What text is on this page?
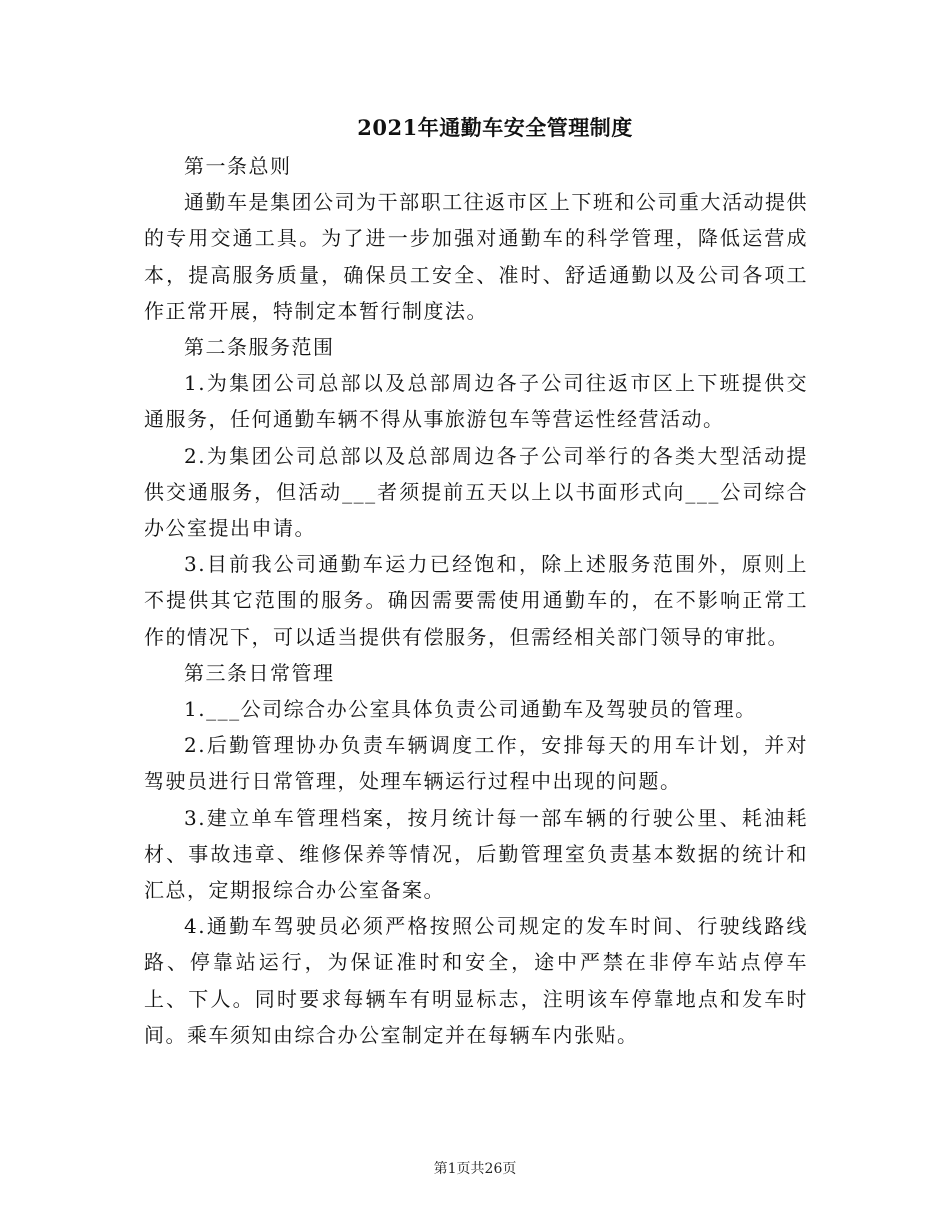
2021年通勤车安全管理制度

第一条总则

通勤车是集团公司为干部职工往返市区上下班和公司重大活动提供的专用交通工具。为了进一步加强对通勤车的科学管理，降低运营成本，提高服务质量，确保员工安全、准时、舒适通勤以及公司各项工作正常开展，特制定本暂行制度法。

第二条服务范围

1.为集团公司总部以及总部周边各子公司往返市区上下班提供交通服务，任何通勤车辆不得从事旅游包车等营运性经营活动。

2.为集团公司总部以及总部周边各子公司举行的各类大型活动提供交通服务，但活动___者须提前五天以上以书面形式向___公司综合办公室提出申请。

3.目前我公司通勤车运力已经饱和，除上述服务范围外，原则上不提供其它范围的服务。确因需要需使用通勤车的，在不影响正常工作的情况下，可以适当提供有偿服务，但需经相关部门领导的审批。

第三条日常管理

1.___公司综合办公室具体负责公司通勤车及驾驶员的管理。

2.后勤管理协办负责车辆调度工作，安排每天的用车计划，并对驾驶员进行日常管理，处理车辆运行过程中出现的问题。

3.建立单车管理档案，按月统计每一部车辆的行驶公里、耗油耗材、事故违章、维修保养等情况，后勤管理室负责基本数据的统计和汇总，定期报综合办公室备案。

4.通勤车驾驶员必须严格按照公司规定的发车时间、行驶线路线路、停靠站运行，为保证准时和安全，途中严禁在非停车站点停车上、下人。同时要求每辆车有明显标志，注明该车停靠地点和发车时间。乘车须知由综合办公室制定并在每辆车内张贴。

第1页共26页
